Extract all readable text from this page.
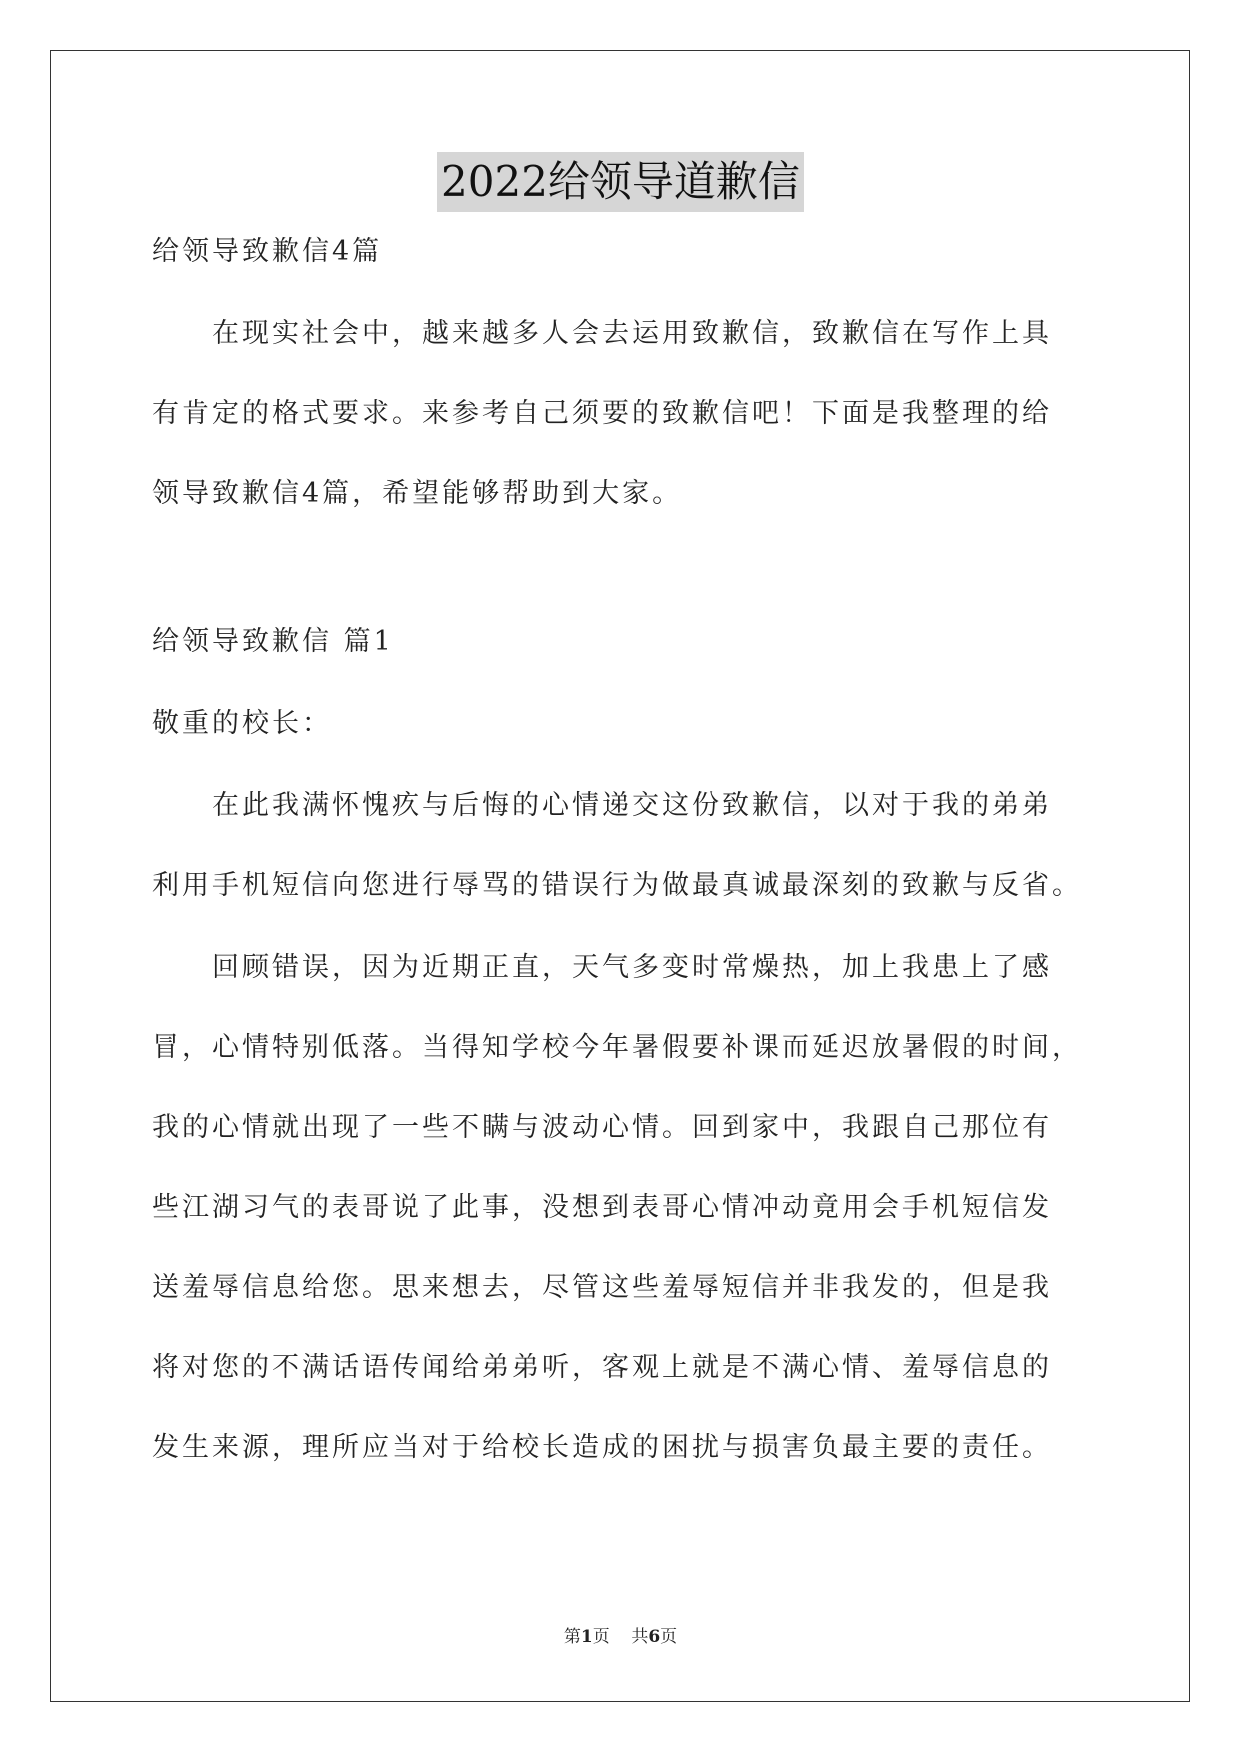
2022给领导道歉信
给领导致歉信4篇
在现实社会中，越来越多人会去运用致歉信，致歉信在写作上具
有肯定的格式要求。来参考自己须要的致歉信吧！下面是我整理的给
领导致歉信4篇，希望能够帮助到大家。
给领导致歉信 篇1
敬重的校长：
在此我满怀愧疚与后悔的心情递交这份致歉信，以对于我的弟弟
利用手机短信向您进行辱骂的错误行为做最真诚最深刻的致歉与反省。
回顾错误，因为近期正直，天气多变时常燥热，加上我患上了感
冒，心情特别低落。当得知学校今年暑假要补课而延迟放暑假的时间，
我的心情就出现了一些不瞒与波动心情。回到家中，我跟自己那位有
些江湖习气的表哥说了此事，没想到表哥心情冲动竟用会手机短信发
送羞辱信息给您。思来想去，尽管这些羞辱短信并非我发的，但是我
将对您的不满话语传闻给弟弟听，客观上就是不满心情、羞辱信息的
发生来源，理所应当对于给校长造成的困扰与损害负最主要的责任。
第1页 共6页
